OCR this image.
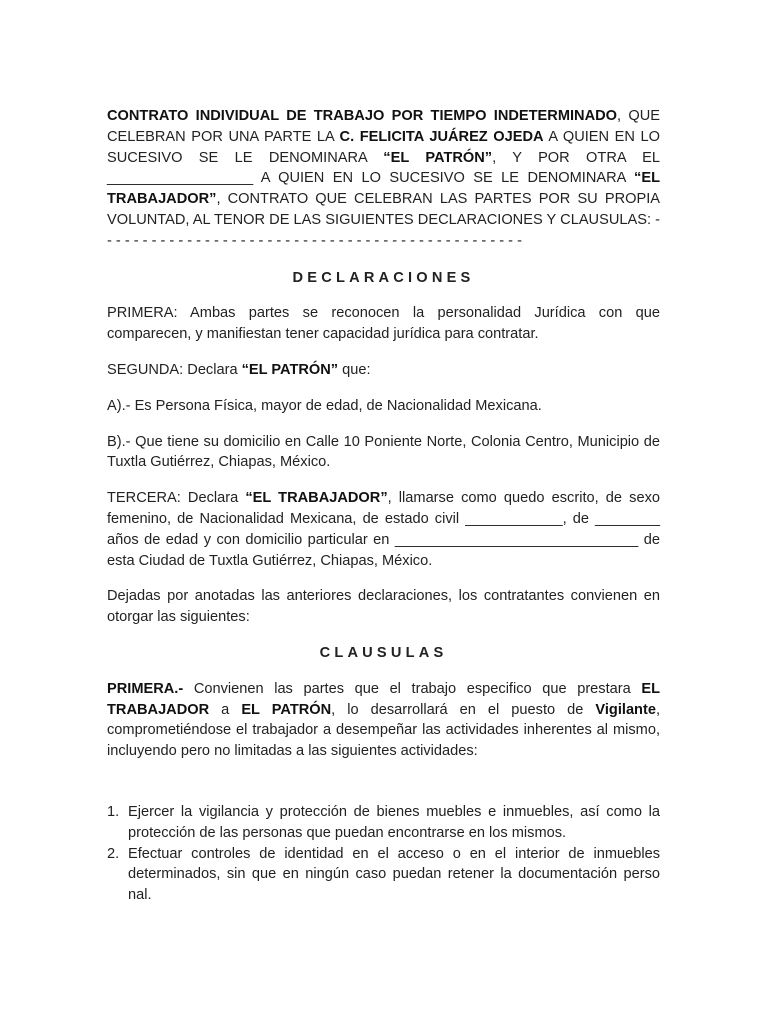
CONTRATO INDIVIDUAL DE TRABAJO POR TIEMPO INDETERMINADO, QUE CELEBRAN POR UNA PARTE LA C. FELICITA JUÁREZ OJEDA A QUIEN EN LO SUCESIVO SE LE DENOMINARA “EL PATRÓN”, Y POR OTRA EL __________________ A QUIEN EN LO SUCESIVO SE LE DENOMINARA “EL TRABAJADOR”, CONTRATO QUE CELEBRAN LAS PARTES POR SU PROPIA VOLUNTAD, AL TENOR DE LAS SIGUIENTES DECLARACIONES Y CLAUSULAS: - - - - - - - - - - - - - - - - - - - - - - - - - - - - - - - - - - - - - - - - - - - - - - - -

DECLARACIONES

PRIMERA: Ambas partes se reconocen la personalidad Jurídica con que comparecen, y manifiestan tener capacidad jurídica para contratar.

SEGUNDA: Declara “EL PATRÓN” que:

A).- Es Persona Física, mayor de edad, de Nacionalidad Mexicana.

B).- Que tiene su domicilio en Calle 10 Poniente Norte, Colonia Centro, Municipio de Tuxtla Gutiérrez, Chiapas, México.

TERCERA: Declara “EL TRABAJADOR”, llamarse como quedo escrito, de sexo femenino, de Nacionalidad Mexicana, de estado civil ____________, de ________ años de edad y con domicilio particular en ______________________________ de esta Ciudad de Tuxtla Gutiérrez, Chiapas, México.

Dejadas por anotadas las anteriores declaraciones, los contratantes convienen en otorgar las siguientes:

CLAUSULAS

PRIMERA.- Convienen las partes que el trabajo especifico que prestara EL TRABAJADOR a EL PATRÓN, lo desarrollará en el puesto de Vigilante, comprometiéndose el trabajador a desempeñar las actividades inherentes al mismo, incluyendo pero no limitadas a las siguientes actividades:

1. Ejercer la vigilancia y protección de bienes muebles e inmuebles, así como la protección de las personas que puedan encontrarse en los mismos.
2. Efectuar controles de identidad en el acceso o en el interior de inmuebles determinados, sin que en ningún caso puedan retener la documentación perso nal.
